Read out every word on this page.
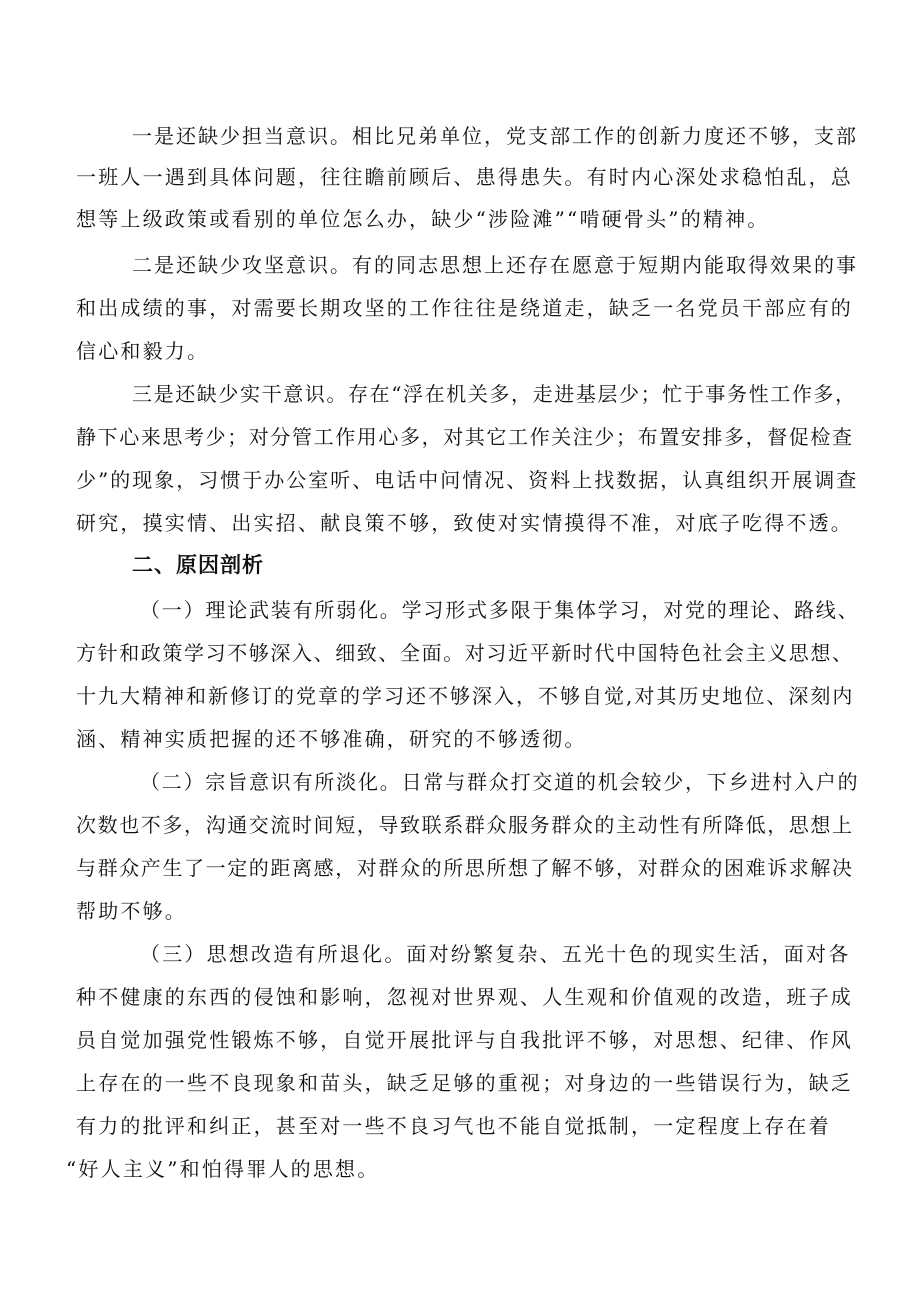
一是还缺少担当意识。相比兄弟单位，党支部工作的创新力度还不够，支部
一班人一遇到具体问题，往往瞻前顾后、患得患失。有时内心深处求稳怕乱，总
想等上级政策或看别的单位怎么办，缺少“涉险滩”“啃硬骨头”的精神。
二是还缺少攻坚意识。有的同志思想上还存在愿意于短期内能取得效果的事
和出成绩的事，对需要长期攻坚的工作往往是绕道走，缺乏一名党员干部应有的
信心和毅力。
三是还缺少实干意识。存在“浮在机关多，走进基层少；忙于事务性工作多，
静下心来思考少；对分管工作用心多，对其它工作关注少；布置安排多，督促检查
少”的现象，习惯于办公室听、电话中问情况、资料上找数据，认真组织开展调查
研究，摸实情、出实招、献良策不够，致使对实情摸得不准，对底子吃得不透。
二、原因剖析
（一）理论武装有所弱化。学习形式多限于集体学习，对党的理论、路线、
方针和政策学习不够深入、细致、全面。对习近平新时代中国特色社会主义思想、
十九大精神和新修订的党章的学习还不够深入，不够自觉,对其历史地位、深刻内
涵、精神实质把握的还不够准确，研究的不够透彻。
（二）宗旨意识有所淡化。日常与群众打交道的机会较少，下乡进村入户的
次数也不多，沟通交流时间短，导致联系群众服务群众的主动性有所降低，思想上
与群众产生了一定的距离感，对群众的所思所想了解不够，对群众的困难诉求解决
帮助不够。
（三）思想改造有所退化。面对纷繁复杂、五光十色的现实生活，面对各
种不健康的东西的侵蚀和影响，忽视对世界观、人生观和价值观的改造，班子成
员自觉加强党性锻炼不够，自觉开展批评与自我批评不够，对思想、纪律、作风
上存在的一些不良现象和苗头，缺乏足够的重视；对身边的一些错误行为，缺乏
有力的批评和纠正，甚至对一些不良习气也不能自觉抵制，一定程度上存在着
“好人主义”和怕得罪人的思想。
